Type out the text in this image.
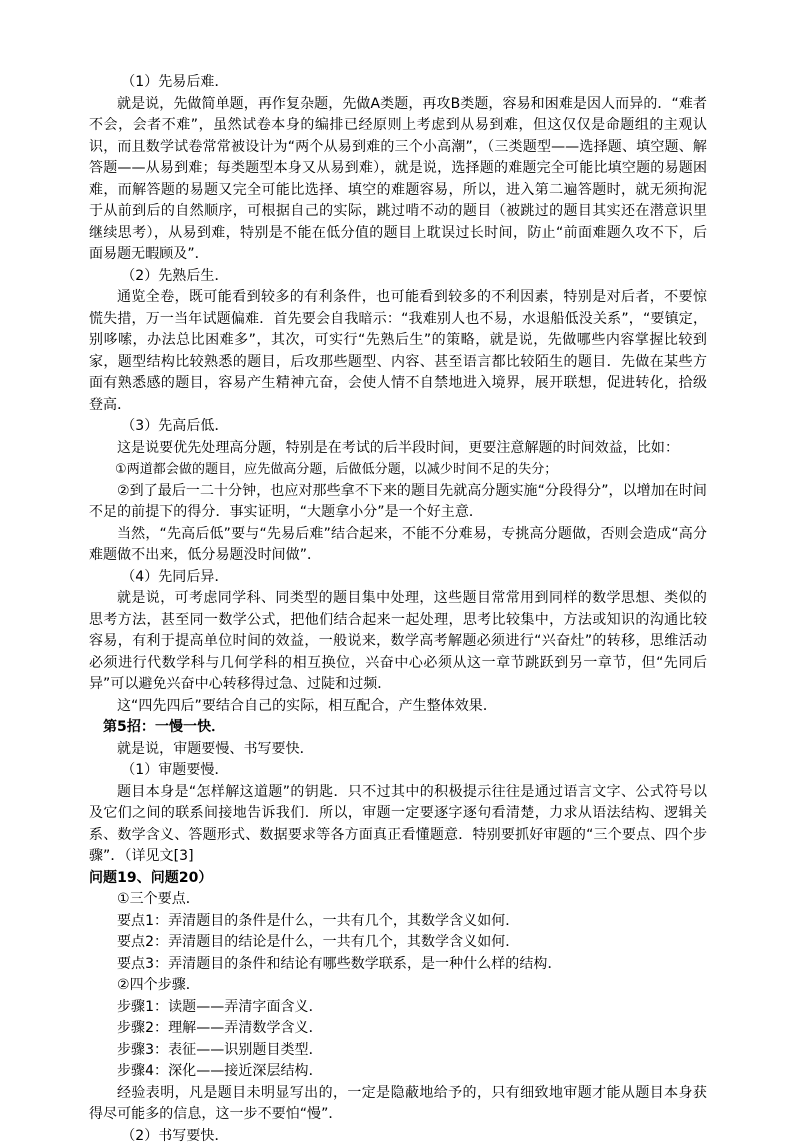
（1）先易后难．

就是说，先做简单题，再作复杂题，先做A类题，再攻B类题，容易和困难是因人而异的．“难者不会，会者不难”，虽然试卷本身的编排已经原则上考虑到从易到难，但这仅仅是命题组的主观认识，而且数学试卷常常被设计为“两个从易到难的三个小高潮”，（三类题型——选择题、填空题、解答题——从易到难；每类题型本身又从易到难），就是说，选择题的难题完全可能比填空题的易题困难，而解答题的易题又完全可能比选择、填空的难题容易，所以，进入第二遍答题时，就无须拘泥于从前到后的自然顺序，可根据自己的实际，跳过啃不动的题目（被跳过的题目其实还在潜意识里继续思考），从易到难，特别是不能在低分值的题目上耽误过长时间，防止“前面难题久攻不下，后面易题无暇顾及”．

（2）先熟后生．

通览全卷，既可能看到较多的有利条件，也可能看到较多的不利因素，特别是对后者，不要惊慌失措，万一当年试题偏难．首先要会自我暗示：“我难别人也不易，水退船低没关系”，“要镇定，别哆嗦，办法总比困难多”，其次，可实行“先熟后生”的策略，就是说，先做哪些内容掌握比较到家，题型结构比较熟悉的题目，后攻那些题型、内容、甚至语言都比较陌生的题目．先做在某些方面有熟悉感的题目，容易产生精神亢奋，会使人情不自禁地进入境界，展开联想，促进转化，拾级登高．

（3）先高后低．

这是说要优先处理高分题，特别是在考试的后半段时间，更要注意解题的时间效益，比如：

①两道都会做的题目，应先做高分题，后做低分题，以减少时间不足的失分；

②到了最后一二十分钟，也应对那些拿不下来的题目先就高分题实施“分段得分”，以增加在时间不足的前提下的得分．事实证明，“大题拿小分”是一个好主意．

当然，“先高后低”要与“先易后难”结合起来，不能不分难易，专挑高分题做，否则会造成“高分难题做不出来，低分易题没时间做”．

（4）先同后异．

就是说，可考虑同学科、同类型的题目集中处理，这些题目常常用到同样的数学思想、类似的思考方法，甚至同一数学公式，把他们结合起来一起处理，思考比较集中，方法或知识的沟通比较容易，有利于提高单位时间的效益，一般说来，数学高考解题必须进行“兴奋灶”的转移，思维活动必须进行代数学科与几何学科的相互换位，兴奋中心必须从这一章节跳跃到另一章节，但“先同后异”可以避免兴奋中心转移得过急、过陡和过频．

这“四先四后”要结合自己的实际，相互配合，产生整体效果．

第5招：一慢一快．

就是说，审题要慢、书写要快．

（1）审题要慢．

题目本身是“怎样解这道题”的钥匙．只不过其中的积极提示往往是通过语言文字、公式符号以及它们之间的联系间接地告诉我们．所以，审题一定要逐字逐句看清楚，力求从语法结构、逻辑关系、数学含义、答题形式、数据要求等各方面真正看懂题意．特别要抓好审题的“三个要点、四个步骤”．（详见文[3]

问题19、问题20）

①三个要点．

要点1：弄清题目的条件是什么，一共有几个，其数学含义如何．

要点2：弄清题目的结论是什么，一共有几个，其数学含义如何．

要点3：弄清题目的条件和结论有哪些数学联系，是一种什么样的结构．

②四个步骤．

步骤1：读题——弄清字面含义．

步骤2：理解——弄清数学含义．

步骤3：表征——识别题目类型．

步骤4：深化——接近深层结构．

经验表明，凡是题目未明显写出的，一定是隐蔽地给予的，只有细致地审题才能从题目本身获得尽可能多的信息，这一步不要怕“慢”．

（2）书写要快．
